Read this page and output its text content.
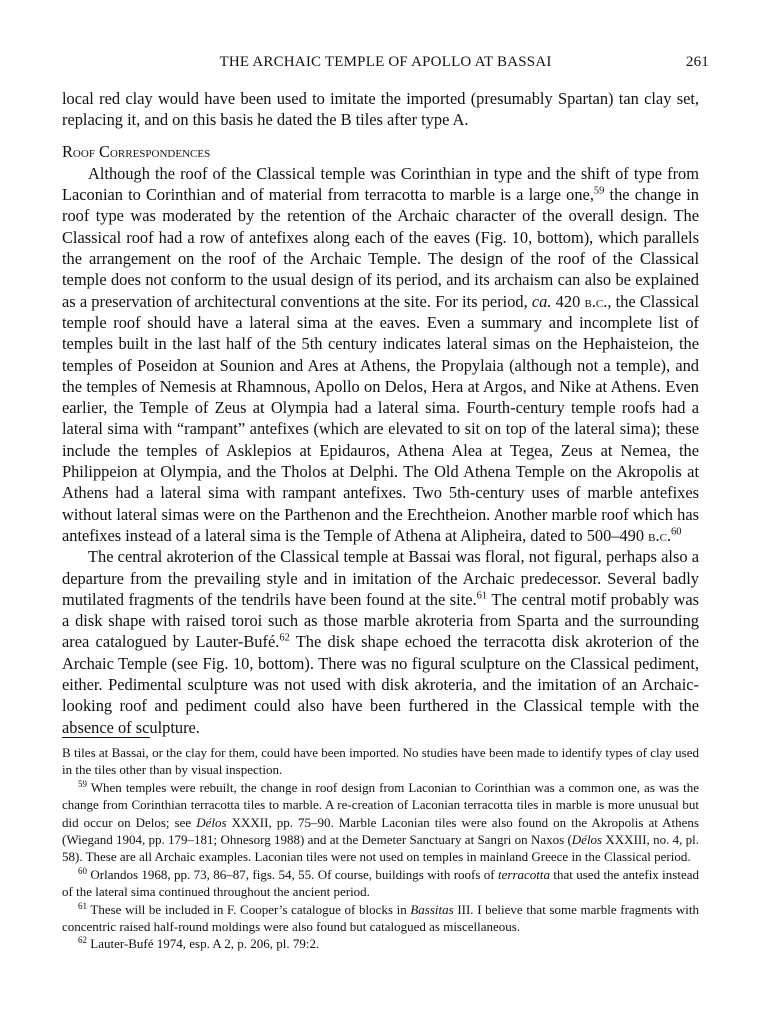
THE ARCHAIC TEMPLE OF APOLLO AT BASSAI	261

local red clay would have been used to imitate the imported (presumably Spartan) tan clay set, replacing it, and on this basis he dated the B tiles after type A.

Roof Correspondences

Although the roof of the Classical temple was Corinthian in type and the shift of type from Laconian to Corinthian and of material from terracotta to marble is a large one,$^{59}$ the change in roof type was moderated by the retention of the Archaic character of the overall design. The Classical roof had a row of antefixes along each of the eaves (Fig. 10, bottom), which parallels the arrangement on the roof of the Archaic Temple. The design of the roof of the Classical temple does not conform to the usual design of its period, and its archaism can also be explained as a preservation of architectural conventions at the site. For its period, ca. 420 b.c., the Classical temple roof should have a lateral sima at the eaves. Even a summary and incomplete list of temples built in the last half of the 5th century indicates lateral simas on the Hephaisteion, the temples of Poseidon at Sounion and Ares at Athens, the Propylaia (although not a temple), and the temples of Nemesis at Rhamnous, Apollo on Delos, Hera at Argos, and Nike at Athens. Even earlier, the Temple of Zeus at Olympia had a lateral sima. Fourth-century temple roofs had a lateral sima with “rampant” antefixes (which are elevated to sit on top of the lateral sima); these include the temples of Asklepios at Epidauros, Athena Alea at Tegea, Zeus at Nemea, the Philippeion at Olympia, and the Tholos at Delphi. The Old Athena Temple on the Akropolis at Athens had a lateral sima with rampant antefixes. Two 5th-century uses of marble antefixes without lateral simas were on the Parthenon and the Erechtheion. Another marble roof which has antefixes instead of a lateral sima is the Temple of Athena at Alipheira, dated to 500–490 b.c.$^{60}$

The central akroterion of the Classical temple at Bassai was floral, not figural, perhaps also a departure from the prevailing style and in imitation of the Archaic predecessor. Several badly mutilated fragments of the tendrils have been found at the site.$^{61}$ The central motif probably was a disk shape with raised toroi such as those marble akroteria from Sparta and the surrounding area catalogued by Lauter-Bufé.$^{62}$ The disk shape echoed the terracotta disk akroterion of the Archaic Temple (see Fig. 10, bottom). There was no figural sculpture on the Classical pediment, either. Pedimental sculpture was not used with disk akroteria, and the imitation of an Archaic-looking roof and pediment could also have been furthered in the Classical temple with the absence of sculpture.

B tiles at Bassai, or the clay for them, could have been imported. No studies have been made to identify types of clay used in the tiles other than by visual inspection.

$^{59}$ When temples were rebuilt, the change in roof design from Laconian to Corinthian was a common one, as was the change from Corinthian terracotta tiles to marble. A re-creation of Laconian terracotta tiles in marble is more unusual but did occur on Delos; see Délos XXXII, pp. 75–90. Marble Laconian tiles were also found on the Akropolis at Athens (Wiegand 1904, pp. 179–181; Ohnesorg 1988) and at the Demeter Sanctuary at Sangri on Naxos (Délos XXXIII, no. 4, pl. 58). These are all Archaic examples. Laconian tiles were not used on temples in mainland Greece in the Classical period.

$^{60}$ Orlandos 1968, pp. 73, 86–87, figs. 54, 55. Of course, buildings with roofs of terracotta that used the antefix instead of the lateral sima continued throughout the ancient period.

$^{61}$ These will be included in F. Cooper’s catalogue of blocks in Bassitas III. I believe that some marble fragments with concentric raised half-round moldings were also found but catalogued as miscellaneous.

$^{62}$ Lauter-Bufé 1974, esp. A 2, p. 206, pl. 79:2.
